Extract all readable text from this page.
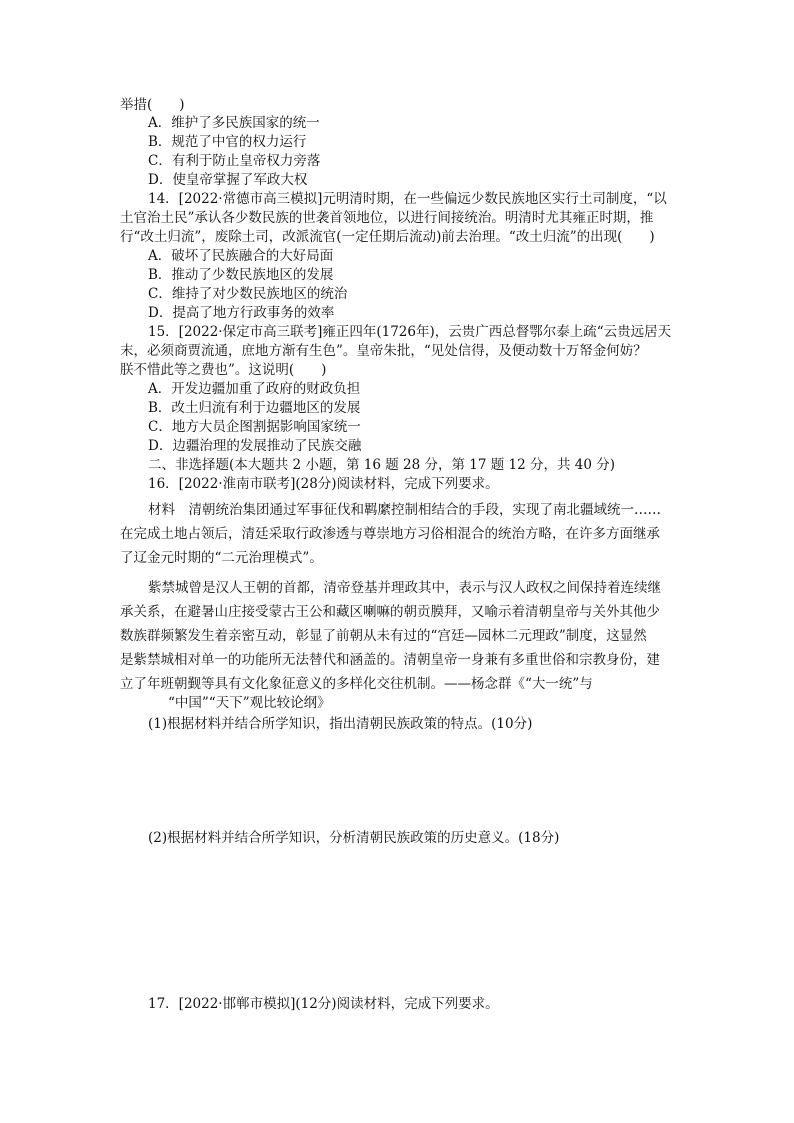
举措(　　)
A．维护了多民族国家的统一
B．规范了中官的权力运行
C．有利于防止皇帝权力旁落
D．使皇帝掌握了军政大权
14．[2022·常德市高三模拟]元明清时期，在一些偏远少数民族地区实行土司制度，“以
土官治土民”承认各少数民族的世袭首领地位，以进行间接统治。明清时尤其雍正时期，推
行“改土归流”，废除土司，改派流官(一定任期后流动)前去治理。“改土归流”的出现(　　)
A．破坏了民族融合的大好局面
B．推动了少数民族地区的发展
C．维持了对少数民族地区的统治
D．提高了地方行政事务的效率
15．[2022·保定市高三联考]雍正四年(1726年)，云贵广西总督鄂尔泰上疏“云贵远居天
末，必须商贾流通，庶地方渐有生色”。皇帝朱批，“见处信得，及便动数十万帑金何妨？
朕不惜此等之费也”。这说明(　　)
A．开发边疆加重了政府的财政负担
B．改土归流有利于边疆地区的发展
C．地方大员企图割据影响国家统一
D．边疆治理的发展推动了民族交融
二、非选择题(本大题共 2 小题，第 16 题 28 分，第 17 题 12 分，共 40 分)
16．[2022·淮南市联考](28分)阅读材料，完成下列要求。
材料　清朝统治集团通过军事征伐和羁縻控制相结合的手段，实现了南北疆域统一……
在完成土地占领后，清廷采取行政渗透与尊崇地方习俗相混合的统治方略，在许多方面继承
了辽金元时期的“二元治理模式”。
紫禁城曾是汉人王朝的首都，清帝登基并理政其中，表示与汉人政权之间保持着连续继
承关系，在避暑山庄接受蒙古王公和藏区喇嘛的朝贡膜拜，又喻示着清朝皇帝与关外其他少
数族群频繁发生着亲密互动，彰显了前朝从未有过的“宫廷—园林二元理政”制度，这显然
是紫禁城相对单一的功能所无法替代和涵盖的。清朝皇帝一身兼有多重世俗和宗教身份，建
立了年班朝觐等具有文化象征意义的多样化交往机制。——杨念群《“大一统”与
“中国”“天下”观比较论纲》
(1)根据材料并结合所学知识，指出清朝民族政策的特点。(10分)
(2)根据材料并结合所学知识，分析清朝民族政策的历史意义。(18分)
17．[2022·邯郸市模拟](12分)阅读材料，完成下列要求。
